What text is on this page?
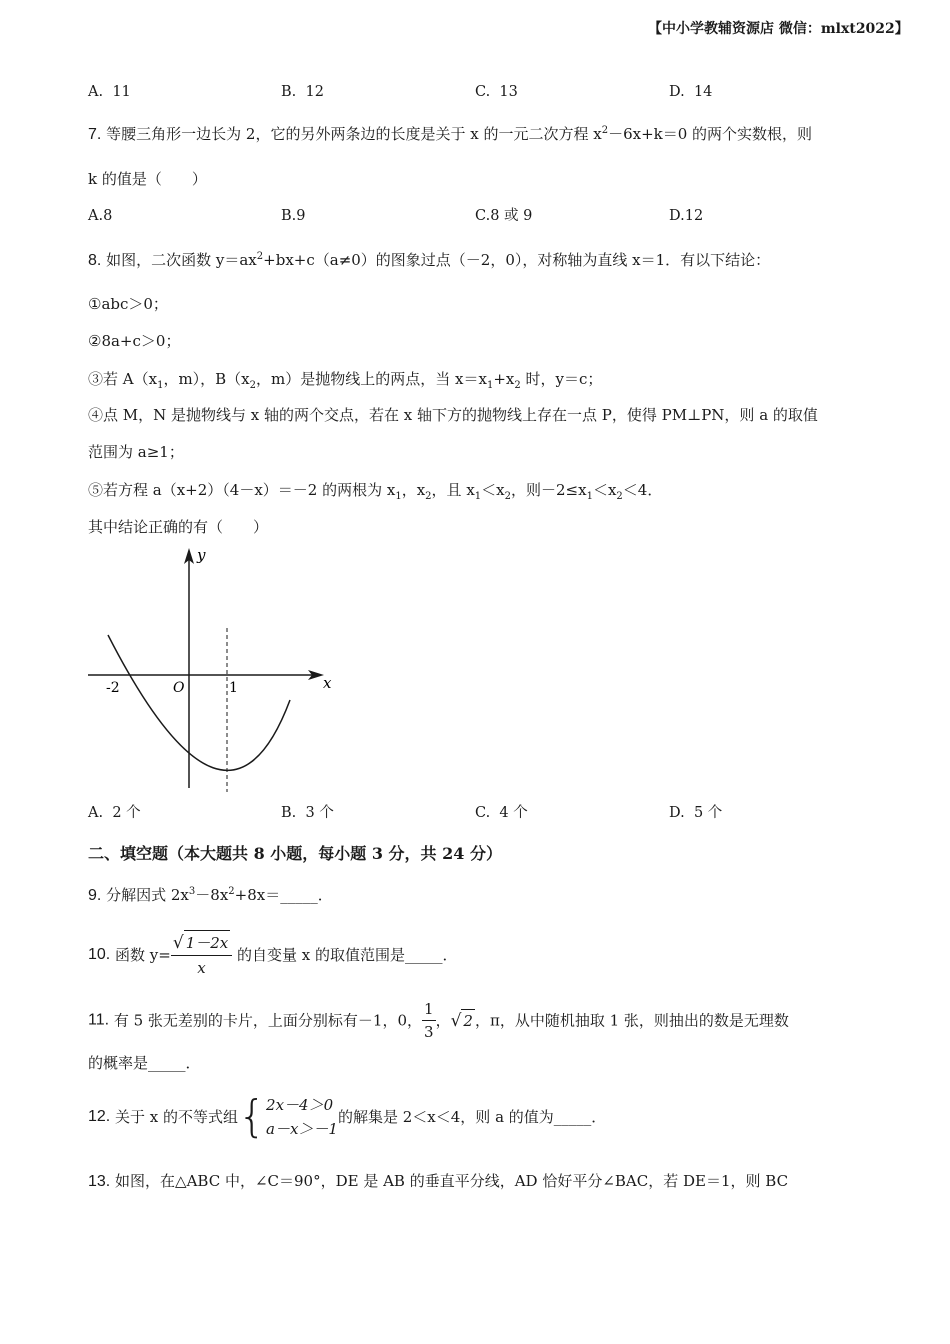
【中小学教辅资源店 微信：mlxt2022】
A. 11	B. 12	C. 13	D. 14
7. 等腰三角形一边长为 2，它的另外两条边的长度是关于 x 的一元二次方程 $x^2-6x+k=0$ 的两个实数根，则
k 的值是（　　）
A.8	B.9	C.8 或 9	D.12
8. 如图，二次函数 $y=ax^2+bx+c(a\ne 0)$的图象过点（－2，0），对称轴为直线 x＝1．有以下结论：
①abc＞0；
②8a+c＞0；
③若 $A(x_1$，m），$B(x_2$，m）是抛物线上的两点，当 $x=x_1+x_2$ 时，y＝c；
④点 M，N 是抛物线与 x 轴的两个交点，若在 x 轴下方的抛物线上存在一点 P，使得 PM⊥PN，则 a 的取值
范围为 a≥1；
⑤若方程 a（x+2）（4－x）＝－2 的两根为 $x_1$，$x_2$，且 $x_1<x_2$，则$-2\le x_1<x_2<4$．
其中结论正确的有（　　）
y
x
O
-2	1
A. 2 个	B. 3 个	C. 4 个	D. 5 个
二、填空题（本大题共 8 小题，每小题 3 分，共 24 分）
9. 分解因式 $2x^3-8x^2+8x=\_\_\_\_\_$．
10. 函数 $y= \frac{√ 1-2x}{x}$ 的自变量 x 的取值范围是_____．
11. 有 5 张无差别的卡片，上面分别标有－1，0， $\frac{1}{3}$ ，√ 2 ，π，从中随机抽取 1 张，则抽出的数是无理数
的概率是_____．
12. 关于 x 的不等式组{ 2x－4＞0
a－x＞－1
的解集是 2＜x＜4，则 a 的值为_____．
13. 如图，在△ABC 中，∠C＝90°，DE 是 AB 的垂直平分线，AD 恰好平分∠BAC，若 DE＝1，则 BC
